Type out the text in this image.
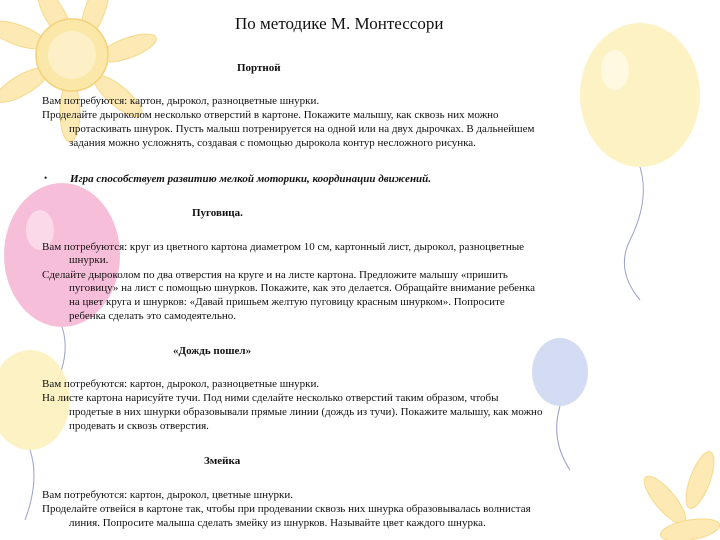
По методике М. Монтессори
Портной
Вам потребуются: картон, дырокол, разноцветные шнурки.
Проделайте дыроколом несколько отверстий в картоне. Покажите малышу, как сквозь них можно
протаскивать шнурок. Пусть малыш потренируется на одной или на двух дырочках. В дальнейшем
задания можно усложнять, создавая с помощью дырокола контур несложного рисунка.
• Игра способствует развитию мелкой моторики, координации движений.
Пуговица.
Вам потребуются: круг из цветного картона диаметром 10 см, картонный лист, дырокол, разноцветные
шнурки.
Сделайте дыроколом по два отверстия на круге и на листе картона. Предложите малышу «пришить
пуговицу» на лист с помощью шнурков. Покажите, как это делается. Обращайте внимание ребенка
на цвет круга и шнурков: «Давай пришьем желтую пуговицу красным шнурком». Попросите
ребенка сделать это самодеятельно.
«Дождь пошел»
Вам потребуются: картон, дырокол, разноцветные шнурки.
На листе картона нарисуйте тучи. Под ними сделайте несколько отверстий таким образом, чтобы
продетые в них шнурки образовывали прямые линии (дождь из тучи). Покажите малышу, как можно
продевать и сквозь отверстия.
Змейка
Вам потребуются: картон, дырокол, цветные шнурки.
Проделайте отвейся в картоне так, чтобы при продевании сквозь них шнурка образовывалась волнистая
линия. Попросите малыша сделать змейку из шнурков. Называйте цвет каждого шнурка.
